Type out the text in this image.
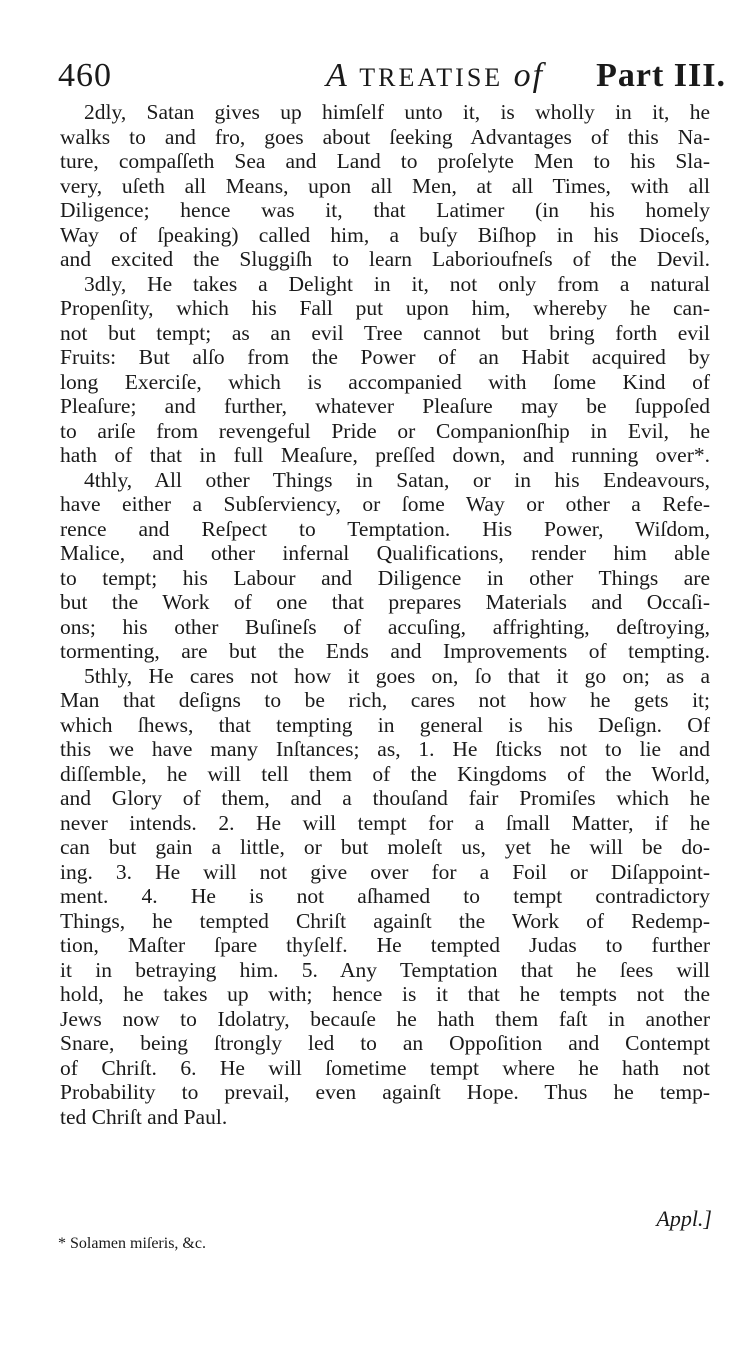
460	A TREATISE of Part III.
2dly, Satan gives up himſelf unto it, is wholly in it, he
walks to and fro, goes about ſeeking Advantages of this Na-
ture, compaſſeth Sea and Land to proſelyte Men to his Sla-
very, uſeth all Means, upon all Men, at all Times, with all
Diligence; hence was it, that Latimer (in his homely
Way of ſpeaking) called him, a buſy Biſhop in his Dioceſs,
and excited the Sluggiſh to learn Laborioufneſs of the Devil.
3dly, He takes a Delight in it, not only from a natural
Propenſity, which his Fall put upon him, whereby he can-
not but tempt; as an evil Tree cannot but bring forth evil
Fruits: But alſo from the Power of an Habit acquired by
long Exerciſe, which is accompanied with ſome Kind of
Pleaſure; and further, whatever Pleaſure may be ſuppoſed
to ariſe from revengeful Pride or Companionſhip in Evil, he
hath of that in full Meaſure, preſſed down, and running over*.
4thly, All other Things in Satan, or in his Endeavours,
have either a Subſerviency, or ſome Way or other a Refe-
rence and Reſpect to Temptation. His Power, Wiſdom,
Malice, and other infernal Qualifications, render him able
to tempt; his Labour and Diligence in other Things are
but the Work of one that prepares Materials and Occaſi-
ons; his other Buſineſs of accuſing, affrighting, deſtroying,
tormenting, are but the Ends and Improvements of tempting.
5thly, He cares not how it goes on, ſo that it go on; as a
Man that deſigns to be rich, cares not how he gets it;
which ſhews, that tempting in general is his Deſign. Of
this we have many Inſtances; as, 1. He ſticks not to lie and
diſſemble, he will tell them of the Kingdoms of the World,
and Glory of them, and a thouſand fair Promiſes which he
never intends. 2. He will tempt for a ſmall Matter, if he
can but gain a little, or but moleſt us, yet he will be do-
ing. 3. He will not give over for a Foil or Diſappoint-
ment. 4. He is not aſhamed to tempt contradictory
Things, he tempted Chriſt againſt the Work of Redemp-
tion, Maſter ſpare thyſelf. He tempted Judas to further
it in betraying him. 5. Any Temptation that he ſees will
hold, he takes up with; hence is it that he tempts not the
Jews now to Idolatry, becauſe he hath them faſt in another
Snare, being ſtrongly led to an Oppoſition and Contempt
of Chriſt. 6. He will ſometime tempt where he hath not
Probability to prevail, even againſt Hope. Thus he temp-
ted Chriſt and Paul.
Appl.]
* Solamen miſeris, &c.
